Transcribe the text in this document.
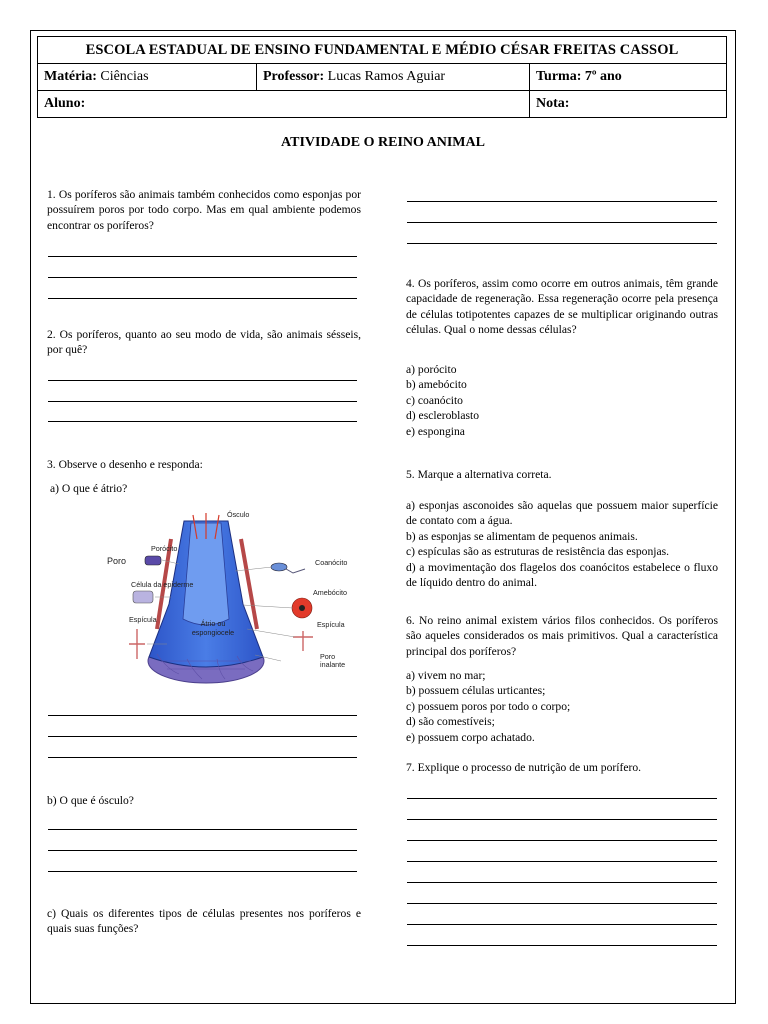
ESCOLA ESTADUAL DE ENSINO FUNDAMENTAL E MÉDIO CÉSAR FREITAS CASSOL		
Matéria: Ciências	Professor: Lucas Ramos Aguiar	Turma: 7º ano
Aluno:		Nota:
ATIVIDADE O REINO ANIMAL
1. Os poríferos são animais também conhecidos como esponjas por possuírem poros por todo corpo. Mas em qual ambiente podemos encontrar os poríferos?
2. Os poríferos, quanto ao seu modo de vida, são animais sésseis, por quê?
3. Observe o desenho e responda:
a) O que é átrio?
Porócito
Poro
Ósculo
Coanócito
Célula da epiderme
Amebócito
Espícula
Espícula
Átrio ou
espongiocele
Poro
inalante
b) O que é ósculo?
c) Quais os diferentes tipos de células presentes nos poríferos e quais suas funções?
4. Os poríferos, assim como ocorre em outros animais, têm grande capacidade de regeneração. Essa regeneração ocorre pela presença de células totipotentes capazes de se multiplicar originando outras células. Qual o nome dessas células?
a) porócito
b) amebócito
c) coanócito
d) escleroblasto
e) espongina
5. Marque a alternativa correta.
a) esponjas asconoides são aquelas que possuem maior superfície de contato com a água.
b) as esponjas se alimentam de pequenos animais.
c) espículas são as estruturas de resistência das esponjas.
d) a movimentação dos flagelos dos coanócitos estabelece o fluxo de líquido dentro do animal.
6. No reino animal existem vários filos conhecidos. Os poríferos são aqueles considerados os mais primitivos. Qual a característica principal dos poríferos?
a) vivem no mar;
b) possuem células urticantes;
c) possuem poros por todo o corpo;
d) são comestíveis;
e) possuem corpo achatado.
7. Explique o processo de nutrição de um porífero.
